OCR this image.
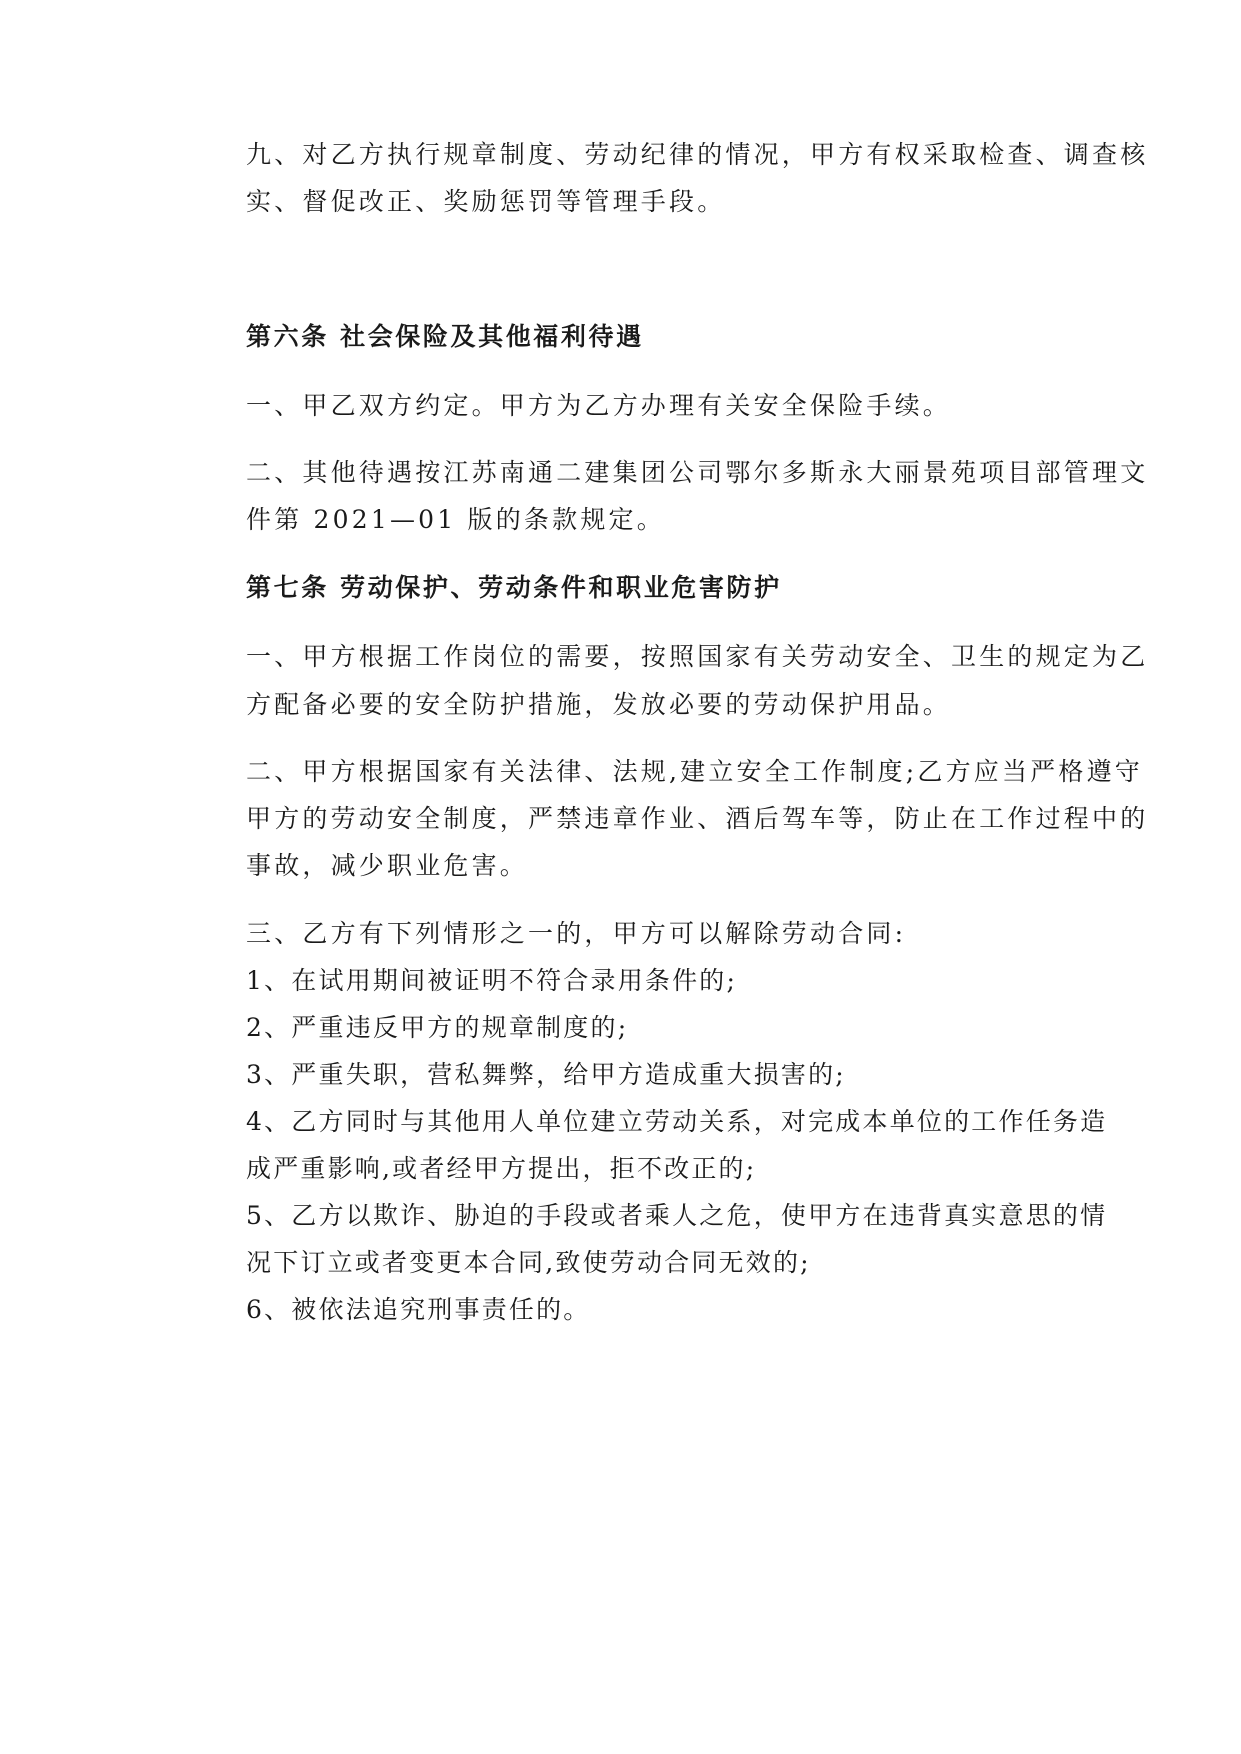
九、对乙方执行规章制度、劳动纪律的情况，甲方有权采取检查、调查核
实、督促改正、奖励惩罚等管理手段。
第六条 社会保险及其他福利待遇
一、甲乙双方约定。甲方为乙方办理有关安全保险手续。
二、其他待遇按江苏南通二建集团公司鄂尔多斯永大丽景苑项目部管理文
件第 2021—01 版的条款规定。
第七条 劳动保护、劳动条件和职业危害防护
一、甲方根据工作岗位的需要，按照国家有关劳动安全、卫生的规定为乙
方配备必要的安全防护措施，发放必要的劳动保护用品。
二、甲方根据国家有关法律、法规,建立安全工作制度;乙方应当严格遵守
甲方的劳动安全制度，严禁违章作业、酒后驾车等，防止在工作过程中的
事故，减少职业危害。
三、乙方有下列情形之一的，甲方可以解除劳动合同:
1、在试用期间被证明不符合录用条件的;
2、严重违反甲方的规章制度的;
3、严重失职，营私舞弊，给甲方造成重大损害的;
4、乙方同时与其他用人单位建立劳动关系，对完成本单位的工作任务造
成严重影响,或者经甲方提出，拒不改正的;
5、乙方以欺诈、胁迫的手段或者乘人之危，使甲方在违背真实意思的情
况下订立或者变更本合同,致使劳动合同无效的;
6、被依法追究刑事责任的。
